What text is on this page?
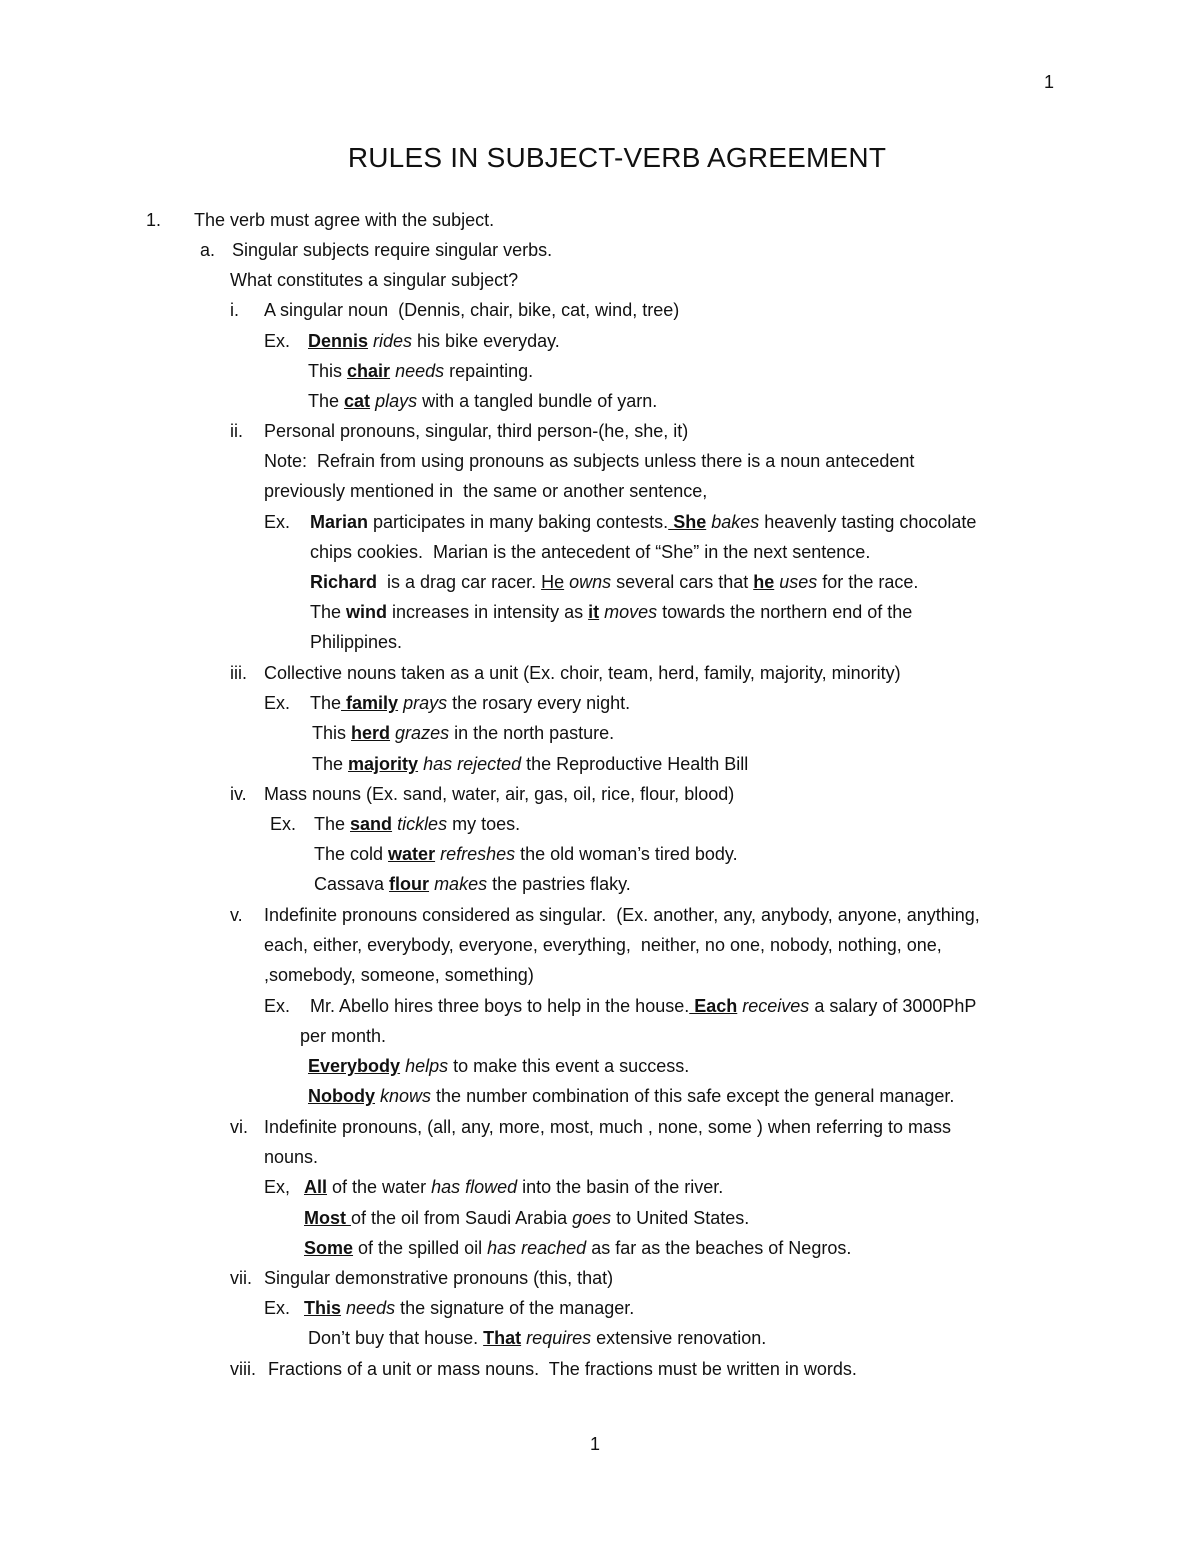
1
RULES IN SUBJECT-VERB AGREEMENT
1. The verb must agree with the subject.
a. Singular subjects require singular verbs.
What constitutes a singular subject?
i. A singular noun  (Dennis, chair, bike, cat, wind, tree)
Ex. Dennis rides his bike everyday.
This chair needs repainting.
The cat plays with a tangled bundle of yarn.
ii. Personal pronouns, singular, third person-(he, she, it)
Note:  Refrain from using pronouns as subjects unless there is a noun antecedent
previously mentioned in  the same or another sentence,
Ex. Marian participates in many baking contests. She bakes heavenly tasting chocolate
chips cookies.  Marian is the antecedent of “She” in the next sentence.
Richard  is a drag car racer. He owns several cars that he uses for the race.
The wind increases in intensity as it moves towards the northern end of the
Philippines.
iii. Collective nouns taken as a unit (Ex. choir, team, herd, family, majority, minority)
Ex. The family prays the rosary every night.
This herd grazes in the north pasture.
The majority has rejected the Reproductive Health Bill
iv. Mass nouns (Ex. sand, water, air, gas, oil, rice, flour, blood)
Ex. The sand tickles my toes.
The cold water refreshes the old woman’s tired body.
Cassava flour makes the pastries flaky.
v. Indefinite pronouns considered as singular.  (Ex. another, any, anybody, anyone, anything,
each, either, everybody, everyone, everything,  neither, no one, nobody, nothing, one,
,somebody, someone, something)
Ex. Mr. Abello hires three boys to help in the house. Each receives a salary of 3000PhP
per month.
Everybody helps to make this event a success.
Nobody knows the number combination of this safe except the general manager.
vi. Indefinite pronouns, (all, any, more, most, much , none, some ) when referring to mass
nouns.
Ex, All of the water has flowed into the basin of the river.
Most of the oil from Saudi Arabia goes to United States.
Some of the spilled oil has reached as far as the beaches of Negros.
vii. Singular demonstrative pronouns (this, that)
Ex. This needs the signature of the manager.
Don’t buy that house. That requires extensive renovation.
viii. Fractions of a unit or mass nouns.  The fractions must be written in words.
1
